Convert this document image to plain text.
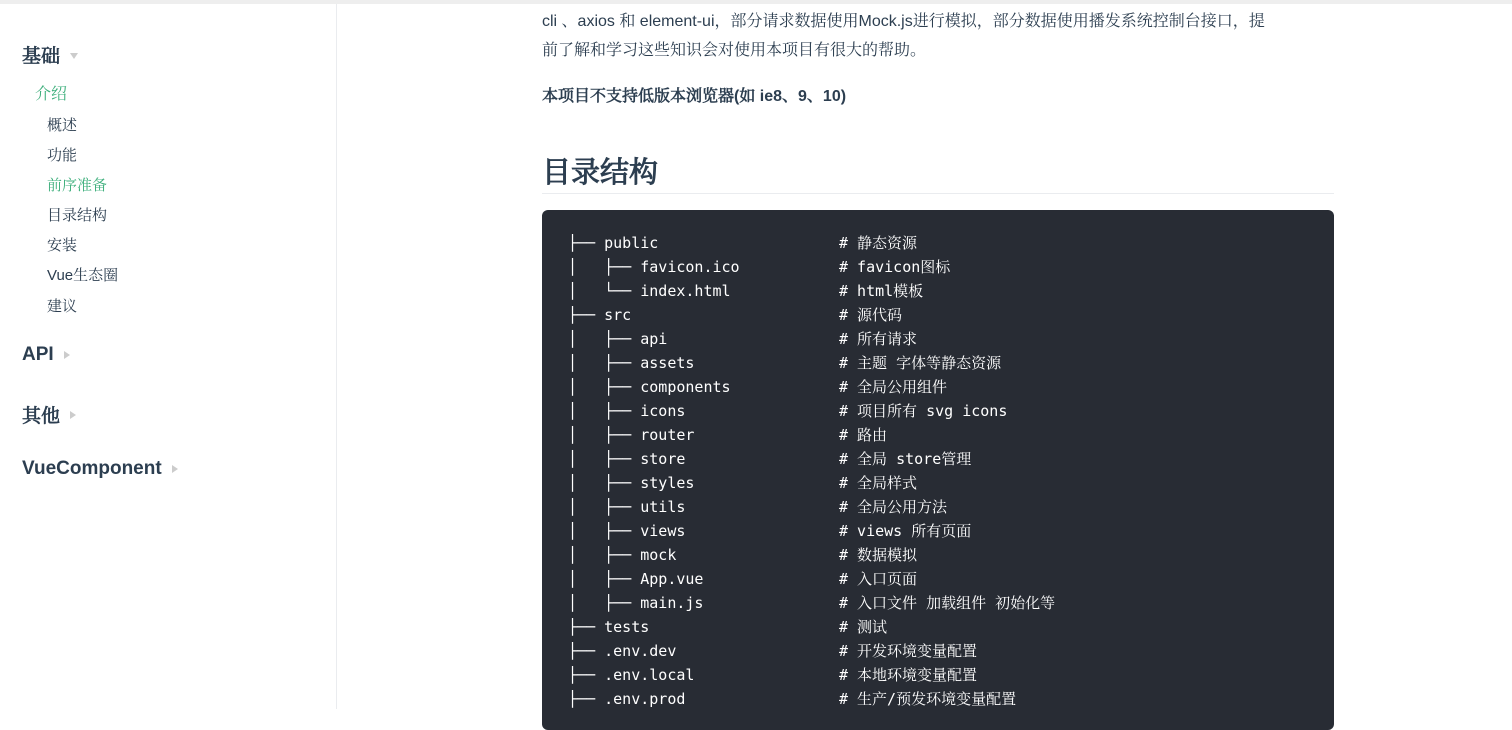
基础
介绍
概述
功能
前序准备
目录结构
安装
Vue生态圈
建议
API
其他
VueComponent
cli 、axios 和 element-ui，部分请求数据使用Mock.js进行模拟，部分数据使用播发系统控制台接口，提
前了解和学习这些知识会对使用本项目有很大的帮助。
本项目不支持低版本浏览器(如 ie8、9、10)
目录结构
├── public	# 静态资源
│   ├── favicon.ico	# favicon图标
│   └── index.html	# html模板
├── src	# 源代码
│   ├── api	# 所有请求
│   ├── assets	# 主题 字体等静态资源
│   ├── components	# 全局公用组件
│   ├── icons	# 项目所有 svg icons
│   ├── router	# 路由
│   ├── store	# 全局 store管理
│   ├── styles	# 全局样式
│   ├── utils	# 全局公用方法
│   ├── views	# views 所有页面
│   ├── mock	# 数据模拟
│   ├── App.vue	# 入口页面
│   ├── main.js	# 入口文件 加载组件 初始化等
├── tests	# 测试
├── .env.dev	# 开发环境变量配置
├── .env.local	# 本地环境变量配置
├── .env.prod	# 生产/预发环境变量配置
@稀土掘金技术社区
